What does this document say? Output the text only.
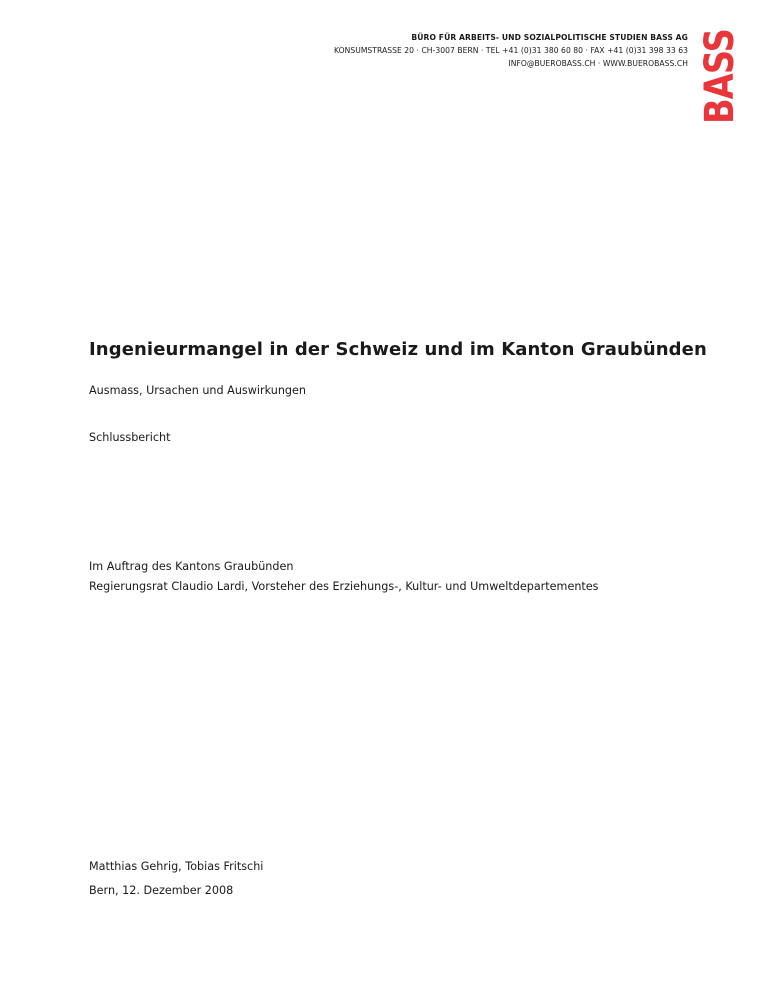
BÜRO FÜR ARBEITS- UND SOZIALPOLITISCHE STUDIEN BASS AG
KONSUMSTRASSE 20 · CH-3007 BERN · TEL +41 (0)31 380 60 80 · FAX +41 (0)31 398 33 63
INFO@BUEROBASS.CH · WWW.BUEROBASS.CH BASS
Ingenieurmangel in der Schweiz und im Kanton Graubünden

Ausmass, Ursachen und Auswirkungen

Schlussbericht

Im Auftrag des Kantons Graubünden

Regierungsrat Claudio Lardi, Vorsteher des Erziehungs-, Kultur- und Umweltdepartementes

Matthias Gehrig, Tobias Fritschi

Bern, 12. Dezember 2008
